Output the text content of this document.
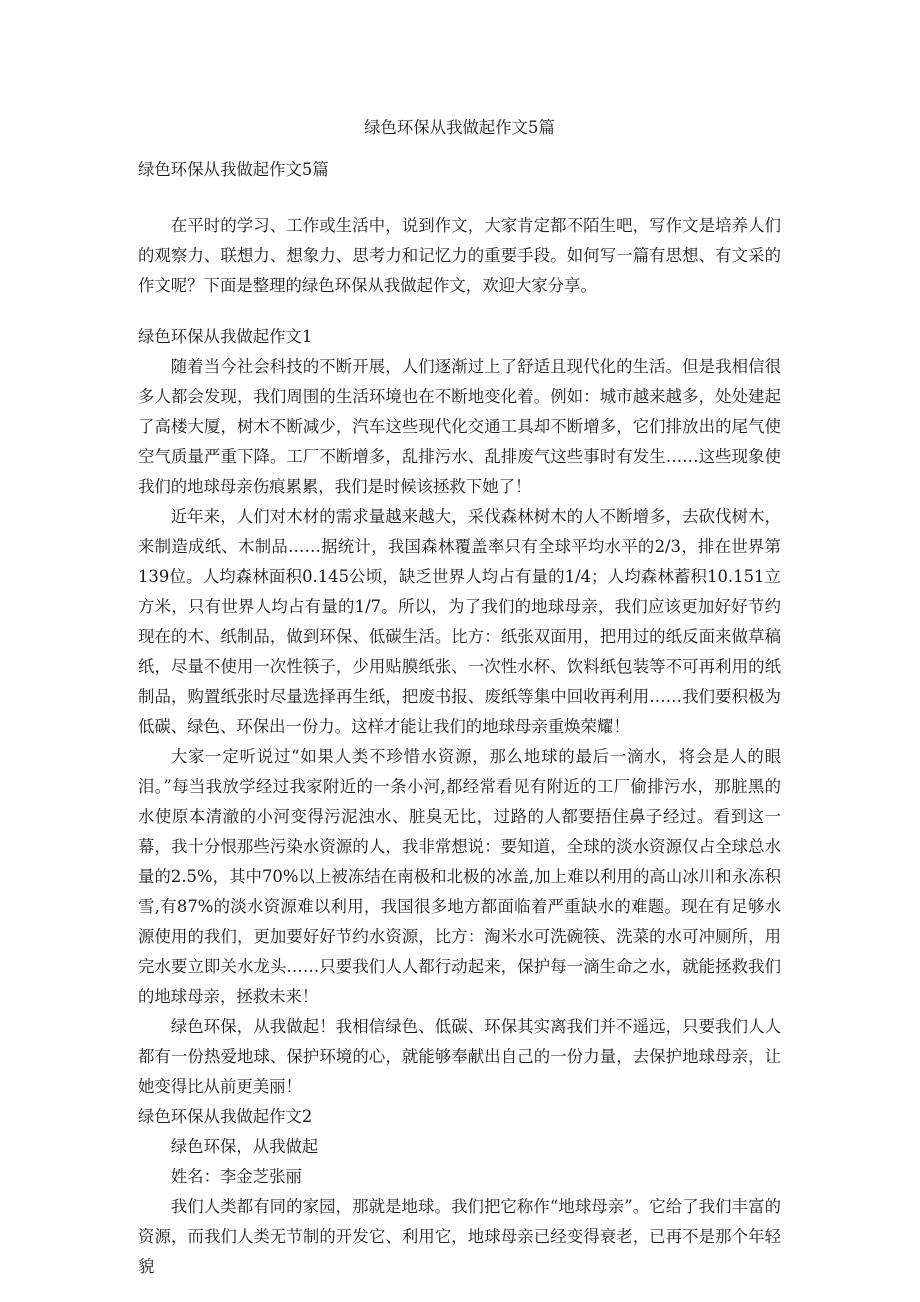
绿色环保从我做起作文5篇
绿色环保从我做起作文5篇

在平时的学习、工作或生活中，说到作文，大家肯定都不陌生吧，写作文是培养人们的观察力、联想力、想象力、思考力和记忆力的重要手段。如何写一篇有思想、有文采的作文呢？下面是整理的绿色环保从我做起作文，欢迎大家分享。

绿色环保从我做起作文1

随着当今社会科技的不断开展，人们逐渐过上了舒适且现代化的生活。但是我相信很多人都会发现，我们周围的生活环境也在不断地变化着。例如：城市越来越多，处处建起了高楼大厦，树木不断减少，汽车这些现代化交通工具却不断增多，它们排放出的尾气使空气质量严重下降。工厂不断增多，乱排污水、乱排废气这些事时有发生……这些现象使我们的地球母亲伤痕累累，我们是时候该拯救下她了！

近年来，人们对木材的需求量越来越大，采伐森林树木的人不断增多，去砍伐树木，来制造成纸、木制品……据统计，我国森林覆盖率只有全球平均水平的2/3，排在世界第139位。人均森林面积0.145公顷，缺乏世界人均占有量的1/4；人均森林蓄积10.151立方米，只有世界人均占有量的1/7。所以，为了我们的地球母亲，我们应该更加好好节约现在的木、纸制品，做到环保、低碳生活。比方：纸张双面用，把用过的纸反面来做草稿纸，尽量不使用一次性筷子，少用贴膜纸张、一次性水杯、饮料纸包装等不可再利用的纸制品，购置纸张时尽量选择再生纸，把废书报、废纸等集中回收再利用……我们要积极为低碳、绿色、环保出一份力。这样才能让我们的地球母亲重焕荣耀！

大家一定听说过“如果人类不珍惜水资源，那么地球的最后一滴水，将会是人的眼泪。”每当我放学经过我家附近的一条小河,都经常看见有附近的工厂偷排污水，那脏黑的水使原本清澈的小河变得污泥浊水、脏臭无比，过路的人都要捂住鼻子经过。看到这一幕，我十分恨那些污染水资源的人，我非常想说：要知道，全球的淡水资源仅占全球总水量的2.5%，其中70%以上被冻结在南极和北极的冰盖,加上难以利用的高山冰川和永冻积雪,有87%的淡水资源难以利用，我国很多地方都面临着严重缺水的难题。现在有足够水源使用的我们，更加要好好节约水资源，比方：淘米水可洗碗筷、洗菜的水可冲厕所，用完水要立即关水龙头……只要我们人人都行动起来，保护每一滴生命之水，就能拯救我们的地球母亲，拯救未来！

绿色环保，从我做起！我相信绿色、低碳、环保其实离我们并不遥远，只要我们人人都有一份热爱地球、保护环境的心，就能够奉献出自己的一份力量，去保护地球母亲，让她变得比从前更美丽！

绿色环保从我做起作文2

绿色环保，从我做起

姓名：李金芝张丽

我们人类都有同的家园，那就是地球。我们把它称作“地球母亲”。它给了我们丰富的资源，而我们人类无节制的开发它、利用它，地球母亲已经变得衰老，已再不是那个年轻貌
